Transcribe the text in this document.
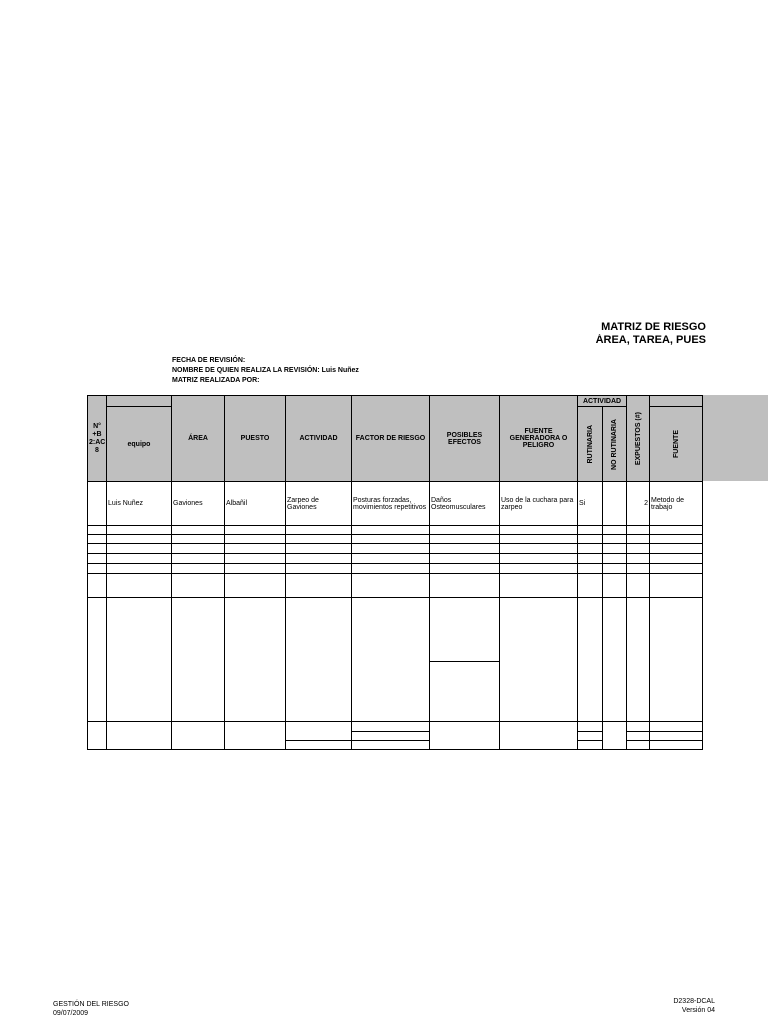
MATRIZ DE RIESGO
ÁREA, TAREA, PUES
FECHA DE REVISIÓN:
NOMBRE DE QUIEN REALIZA LA REVISIÓN: Luis Nuñez
MATRIZ REALIZADA POR:
N°+B 2:AC 8		ÁREA	PUESTO	ACTIVIDAD	FACTOR DE RIESGO	POSIBLES EFECTOS	FUENTE GENERADORA O PELIGRO	ACTIVIDAD		EXPUESTOS (#)	

	equipo							RUTINARIA	NO RUTINARIA		FUENTE

	Luis Nuñez	Gaviones	Albañil	Zarpeo de Gaviones	Posturas forzadas, movimientos repetitivos	Daños Osteomusculares	Uso de la cuchara para zarpeo	Si		2	Metodo de trabajo

GESTIÓN DEL RIESGO
09/07/2009
D2328-DCAL
Versión 04
